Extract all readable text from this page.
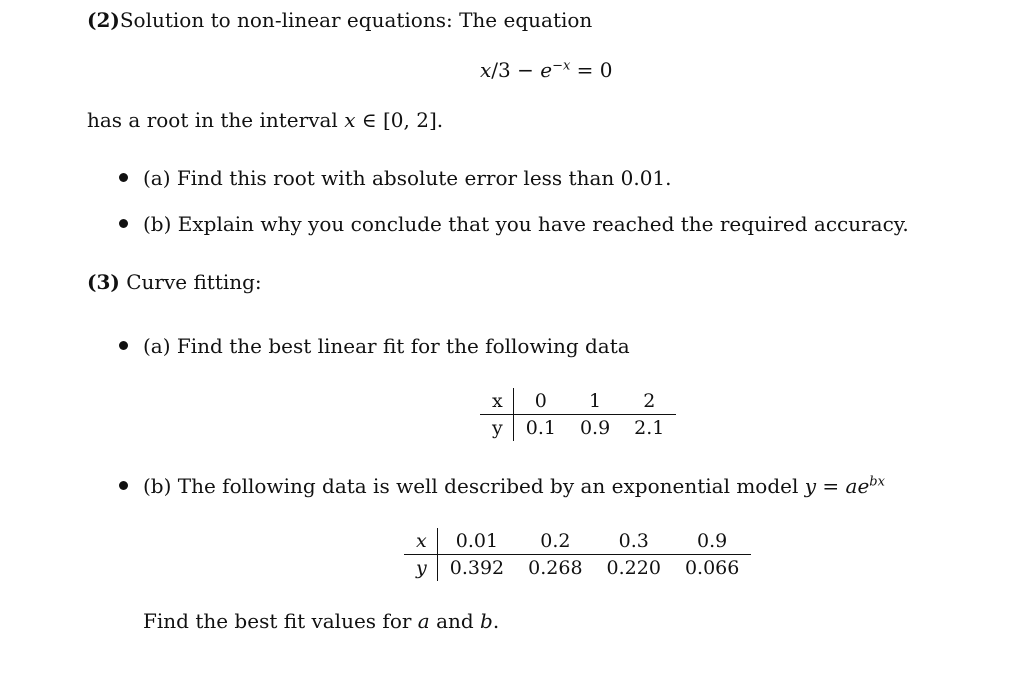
(2)Solution to non-linear equations: The equation
$x/3 - e^{-x} = 0$
has a root in the interval x ∈ [0, 2].
(a) Find this root with absolute error less than 0.01.
(b) Explain why you conclude that you have reached the required accuracy.
(3) Curve fitting:
(a) Find the best linear fit for the following data
x	0	1	2
y	0.1	0.9	2.1
(b) The following data is well described by an exponential model $y = ae^{bx}$
x	0.01	0.2	0.3	0.9
y	0.392	0.268	0.220	0.066
Find the best fit values for a and b.
